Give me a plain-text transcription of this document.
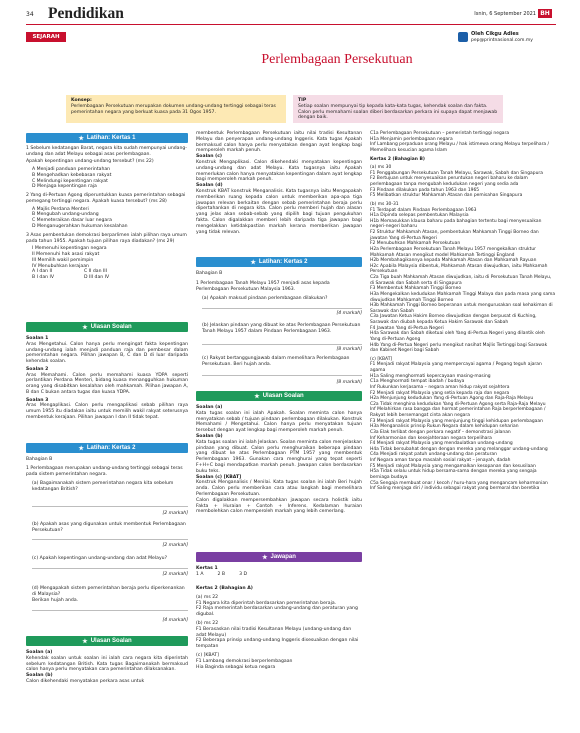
34 Pendidikan	Isnin, 6 September 2021 BH
SEJARAH	Oleh Cikgu Adies
pep@printnasional.com.my
Perlembagaan Persekutuan
Konsep:
Perlembagaan Persekutuan merupakan dokumen undang-undang tertinggi sebagai teras pemerintahan negara yang berkuat kuasa pada 31 Ogos 1957.
TIP
Setiap soalan mempunyai tip kepada kata-kata tugas, kehendak soalan dan fakta. Calon perlu memahami soalan diberi berdasarkan perkara ini supaya dapat menjawab dengan baik.
★ Latihan: Kertas 1

1 Sebelum kedatangan Barat, negara kita sudah mempunyai undang-undang dan adat Melayu sebagai asas perlembagaan.

Apakah kepentingan undang-undang tersebut? (ms 22)

A Menjadi panduan pemerintahan
B Mengehadkan kebebasan rakyat
C Melindungi kepentingan rakyat
D Menjaga kepentingan raja

2 Yang di-Pertuan Agong diperuntukkan kuasa pemerintahan sebagai pemegang tertinggi negara. Apakah kuasa tersebut? (ms 28)

A Majlis Perdana Menteri
B Mengubah undang-undang
C Memeteraikan dasar luar negara
D Menganugerahkan hukuman kesalahan

3 Asas pembentukan demokrasi berparlimen ialah pilihan raya umum pada tahun 1955. Apakah tujuan pilihan raya diadakan? (ms 29)

I Memenuhi kepentingan negara
II Memenuhi hak asasi rakyat
III Memilih wakil pemimpin
IV Menubuhkan kerajaan
A I dan II	C II dan III
B I dan IV	D III dan IV
★ Ulasan Soalan
Soalan 1

Aras Mengetahui. Calon hanya perlu mengingat fakta kepentingan undang-undang ialah menjadi panduan raja dan pembesar dalam pemerintahan negara. Pilihan jawapan B, C dan D di luar daripada kehendak soalan.

Soalan 2

Aras Memahami. Calon perlu memahami kuasa YDPA seperti perlantikan Perdana Menteri, bidang kuasa menangguhkan hukuman orang yang disabitkan kesalahan oleh mahkamah. Pilihan jawapan A, B dan C bukan antara tugas dan kuasa YDPA.

Soalan 3

Aras Mengaplikasi. Calon perlu mengaplikasi sebab pilihan raya umum 1955 itu diadakan iaitu untuk memilih wakil rakyat seterusnya membentuk kerajaan. Pilihan jawapan I dan II tidak tepat.

★ Latihan: Kertas 2
Bahagian B

1 Perlembagaan merupakan undang-undang tertinggi sebagai teras pada sistem pemerintahan negara.

(a) Bagaimanakah sistem pemerintahan negara kita sebelum kedatangan British?

[2 markah]
(b) Apakah asas yang digunakan untuk membentuk Perlembagaan Persekutuan?
[2 markah]
(c) Apakah kepentingan undang-undang dan adat Melayu?
[2 markah]
(d) Mengapakah sistem pemerintahan beraja perlu diperkenankan di Malaysia?
Berikan hujah anda.
[4 markah]
★ Ulasan Soalan
Soalan (a)
Kehendak soalan untuk soalan ini ialah cara negara kita diperintah sebelum kedatangan British. Kata tugas Bagaimanakah bermaksud calon hanya perlu menyatakan cara pemerintahan dilaksanakan.
Soalan (b)
Calon dikehendaki menyatakan perkara asas untuk

membentuk Perlembagaan Persekutuan iaitu nilai tradisi Kesultanan Melayu dan penyerapan undang-undang Inggeris. Kata tugas Apakah bermaksud calon hanya perlu menyatakan dengan ayat lengkap bagi memperoleh markah penuh.

Soalan (c)

Konstruk Mengaplikasi. Calon dikehendaki menyatakan kepentingan undang-undang dan adat Melayu. Kata tugasnya iaitu Apakah memerlukan calon hanya menyatakan kepentingan dalam ayat lengkap bagi memperoleh markah penuh.

Soalan (d)

Konstruk KBAT konstruk Menganalisis. Kata tugasnya iaitu Mengapakah memberikan ruang kepada calon untuk memberikan apa-apa tiga jawapan relevan berkaitan dengan sebab pemerintahan beraja perlu dipertahankan di negara kita. Calon perlu memberi hujah dan alasan yang jelas akan sebab-sebab yang dipilih bagi tujuan pengukuhan fakta. Calon digalakkan memberi lebih daripada tiga jawapan bagi mengelakkan ketidakpastian markah kerana memberikan jawapan yang tidak relevan.

★ Latihan: Kertas 2
Bahagian B
1 Perlembagaan Tanah Melayu 1957 menjadi asas kepada Perlembagaan Persekutuan Malaysia 1963.
(a) Apakah maksud pindaan perlembagaan dilakukan?
[4 markah]
(b) Jelaskan pindaan yang dibuat ke atas Perlembagaan Persekutuan Tanah Melayu 1957 dalam Pindaan Perlembagaan 1963.
[8 markah]
(c) Rakyat bertanggungjawab dalam memelihara Perlembagaan Persekutuan. Beri hujah anda.
[8 markah]
★ Ulasan Soalan
Soalan (a)

Kata tugas soalan ini ialah Apakah. Soalan meminta calon hanya menyatakan sebab / tujuan pindaan perlembagaan dilakukan. Konstruk Memahami / Mengetahui. Calon hanya perlu menyatakan tujuan tersebut dengan ayat lengkap bagi memperoleh markah penuh.

Soalan (b)

Kata tugas soalan ini ialah Jelaskan. Soalan meminta calon menjelaskan pindaan yang dibuat. Calon perlu menghuraikan beberapa pindaan yang dibuat ke atas Perlembagaan PTM 1957 yang membentuk Perlembagaan 1963. Gunakan cara menghurai yang tepat seperti F+H+C bagi mendapatkan markah penuh. Jawapan calon berdasarkan buku teks.

Soalan (c) [KBAT]

Konstruk Menganalisis / Menilai. Kata tugas soalan ini ialah Beri hujah anda. Calon perlu memberikan cara atau langkah bagi memelihara Perlembagaan Persekutuan.

Calon digalakkan mempersembahkan jawapan secara holistik iaitu Fakta + Huraian + Contoh + Inferens. Kedalaman huraian membolehkan calon memperoleh markah yang lebih cemerlang.

★ Jawapan
Kertas 1
1 A	2 B	3 D
Kertas 2 (Bahagian A)
(a) ms 22
F1 Negara kita diperintah berdasarkan pemerintahan beraja.
F2 Raja memerintah berdasarkan undang-undang dan peraturan yang digubal.
(b) ms 22
F1 Berasaskan nilai tradisi Kesultanan Melayu (undang-undang dan adat Melayu)
F2 Beberapa prinsip undang-undang Inggeris disesuaikan dengan nilai tempatan
(c) [KBAT]
F1 Lambang demokrasi berperlembagaan
Hia Baginda sebagai ketua negara
C1a Perlembagaan Persekutuan – pemerintah tertinggi negara
H1a Menjamin perlembagaan negara
Inf Lambang perpaduan orang Melayu / hak istimewa orang Melayu terpelihara / Memelihara kesucian agama Islam
Kertas 2 (Bahagian B)
(a) ms 30
F1 Penggabungan Persekutuan Tanah Melayu, Sarawak, Sabah dan Singapura
F2 Bertujuan untuk menyesuaikan peruntukan negeri baharu ke dalam perlembagaan tanpa mengubah kedudukan negeri yang sedia ada
F3 Pindaan dilakukan pada tahun 1963 dan 1965
F5 Melibatkan struktur Mahkamah Atasan dan pemisahan Singapura
(b) ms 30-31
F1 Terdapat dalam Pindaan Perlembagaan 1963
H1a Dipinda selepas pembentukan Malaysia
H1b Memasukkan klausa baharu pada bahagian tertentu bagi menyesuaikan negeri-negeri baharu
F2 Struktur Mahkamah Atasan, pembentukan Mahkamah Tinggi Borneo dan jawatan Yang di-Pertua Negeri
F2 Menubuhkan Mahkamah Persekutuan
H2a Perlembagaan Persekutuan Tanah Melayu 1957 mengekalkan struktur Mahkamah Atasan mengikut model Mahkamah Tertinggi England
H2b Membahagikannya kepada Mahkamah Atasan dan Mahkamah Rayuan
H2c Apabila Malaysia dibentuk, Mahkamah Atasan diwujudkan, iaitu Mahkamah Persekutuan
C2a Tiga buah Mahkamah Atasan diwujudkan, iaitu di Persekutuan Tanah Melayu, di Sarawak dan Sabah serta di Singapura
F3 Membentuk Mahkamah Tinggi Borneo
H3a Mengekalkan kedudukan Mahkamah Tinggi Malaya dan pada masa yang sama diwujudkan Mahkamah Tinggi Borneo
H3b Mahkamah Tinggi Borneo beperanan untuk mengurusakan soal kehakiman di Sarawak dan Sabah
C3a Jawatan Ketua Hakim Borneo diwujudkan dengan berpusat di Kuching, Sarawak dan diubah kepada Ketua Hakim Sarawak dan Sabah
F4 Jawatan Yang di-Pertua Negeri
H4a Sarawak dan Sabah diketuai oleh Yang di-Pertua Negeri yang dilantik oleh Yang di-Pertuan Agong
H4b Yang di-Pertua Negeri perlu mengikut nasihat Majlis Tertinggi bagi Sarawak dan Kabinet Negeri bagi Sabah
(c) [KBAT]
F1 Menjadi rakyat Malaysia yang mempercayai agama / Pegang teguh ajaran agama
H1a Saling menghormati kepercayaan masing-masing
C1a Menghormati tempat ibadah / budaya
Inf Rukunkan kerjasama – negara aman hidup rakyat sejahtera
F2 Menjadi rakyat Malaysia yang setia kepada raja dan negara
H2a Menjunjung kedudukan Yang di-Pertuan Agong dan Raja-Raja Melayu
C2a Tidak menghina kedudukan Yang di-Pertuan Agong serta Raja-Raja Melayu
Inf Melahirkan rasa bangga dan hormat pemerintahan Raja berperlembagaan / Rakyat lebih bersemangat cinta akan negara
F3 Menjadi rakyat Malaysia yang menjunjung tinggi kehidupan perlembagaan
H3a Menganalisis prinsip Rukun Negara dalam kehidupan seharian
C3a Elak terlibat dengan perkara negatif – demonstrasi jalanan
Inf Keharmonian dan kesejahteraan negara terpelihara
F4 Menjadi rakyat Malaysia yang mendaulatkan undang-undang
H4a Tidak bersubahat dengan dengan mereka yang melanggar undang-undang
C4a Menjadi rakyat patuh undang-undang dan peraturan
Inf Negara aman tanpa masalah sosial rakyat – jenayah, dadah
F5 Menjadi rakyat Malaysia yang mengamalkan kesopanan dan kesusilaan
H5a Tidak selalu untuk hidup bersama-sama dengan mereka yang sengaja berniaga budaya
C5a Sengaja membuat onar / kecoh / huru-hara yang mengancam keharmonian
Inf Saling menjaga diri / individu sebagai rakyat yang bermoral dan beretika
